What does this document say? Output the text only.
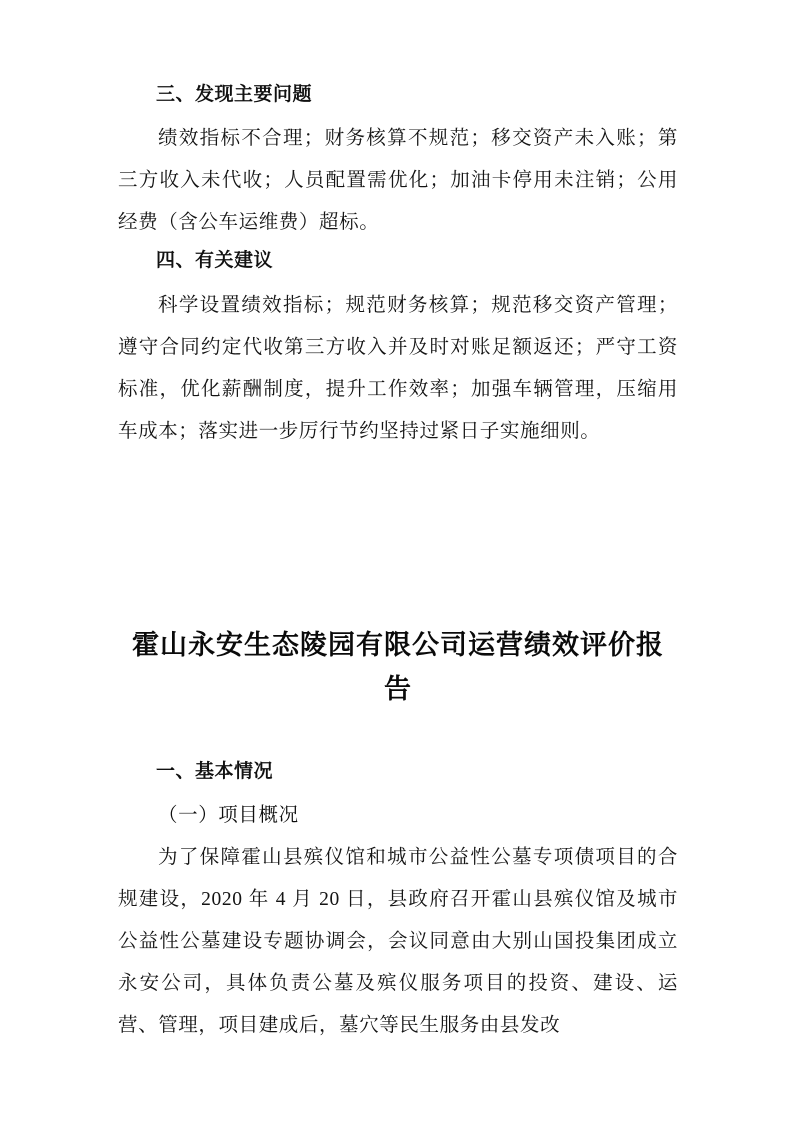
三、发现主要问题

绩效指标不合理；财务核算不规范；移交资产未入账；第三方收入未代收；人员配置需优化；加油卡停用未注销；公用经费（含公车运维费）超标。

四、有关建议

科学设置绩效指标；规范财务核算；规范移交资产管理；遵守合同约定代收第三方收入并及时对账足额返还；严守工资标准，优化薪酬制度，提升工作效率；加强车辆管理，压缩用车成本；落实进一步厉行节约坚持过紧日子实施细则。

霍山永安生态陵园有限公司运营绩效评价报告
一、基本情况

（一）项目概况

为了保障霍山县殡仪馆和城市公益性公墓专项债项目的合规建设，2020 年 4 月 20 日，县政府召开霍山县殡仪馆及城市公益性公墓建设专题协调会，会议同意由大别山国投集团成立永安公司，具体负责公墓及殡仪服务项目的投资、建设、运营、管理，项目建成后，墓穴等民生服务由县发改
